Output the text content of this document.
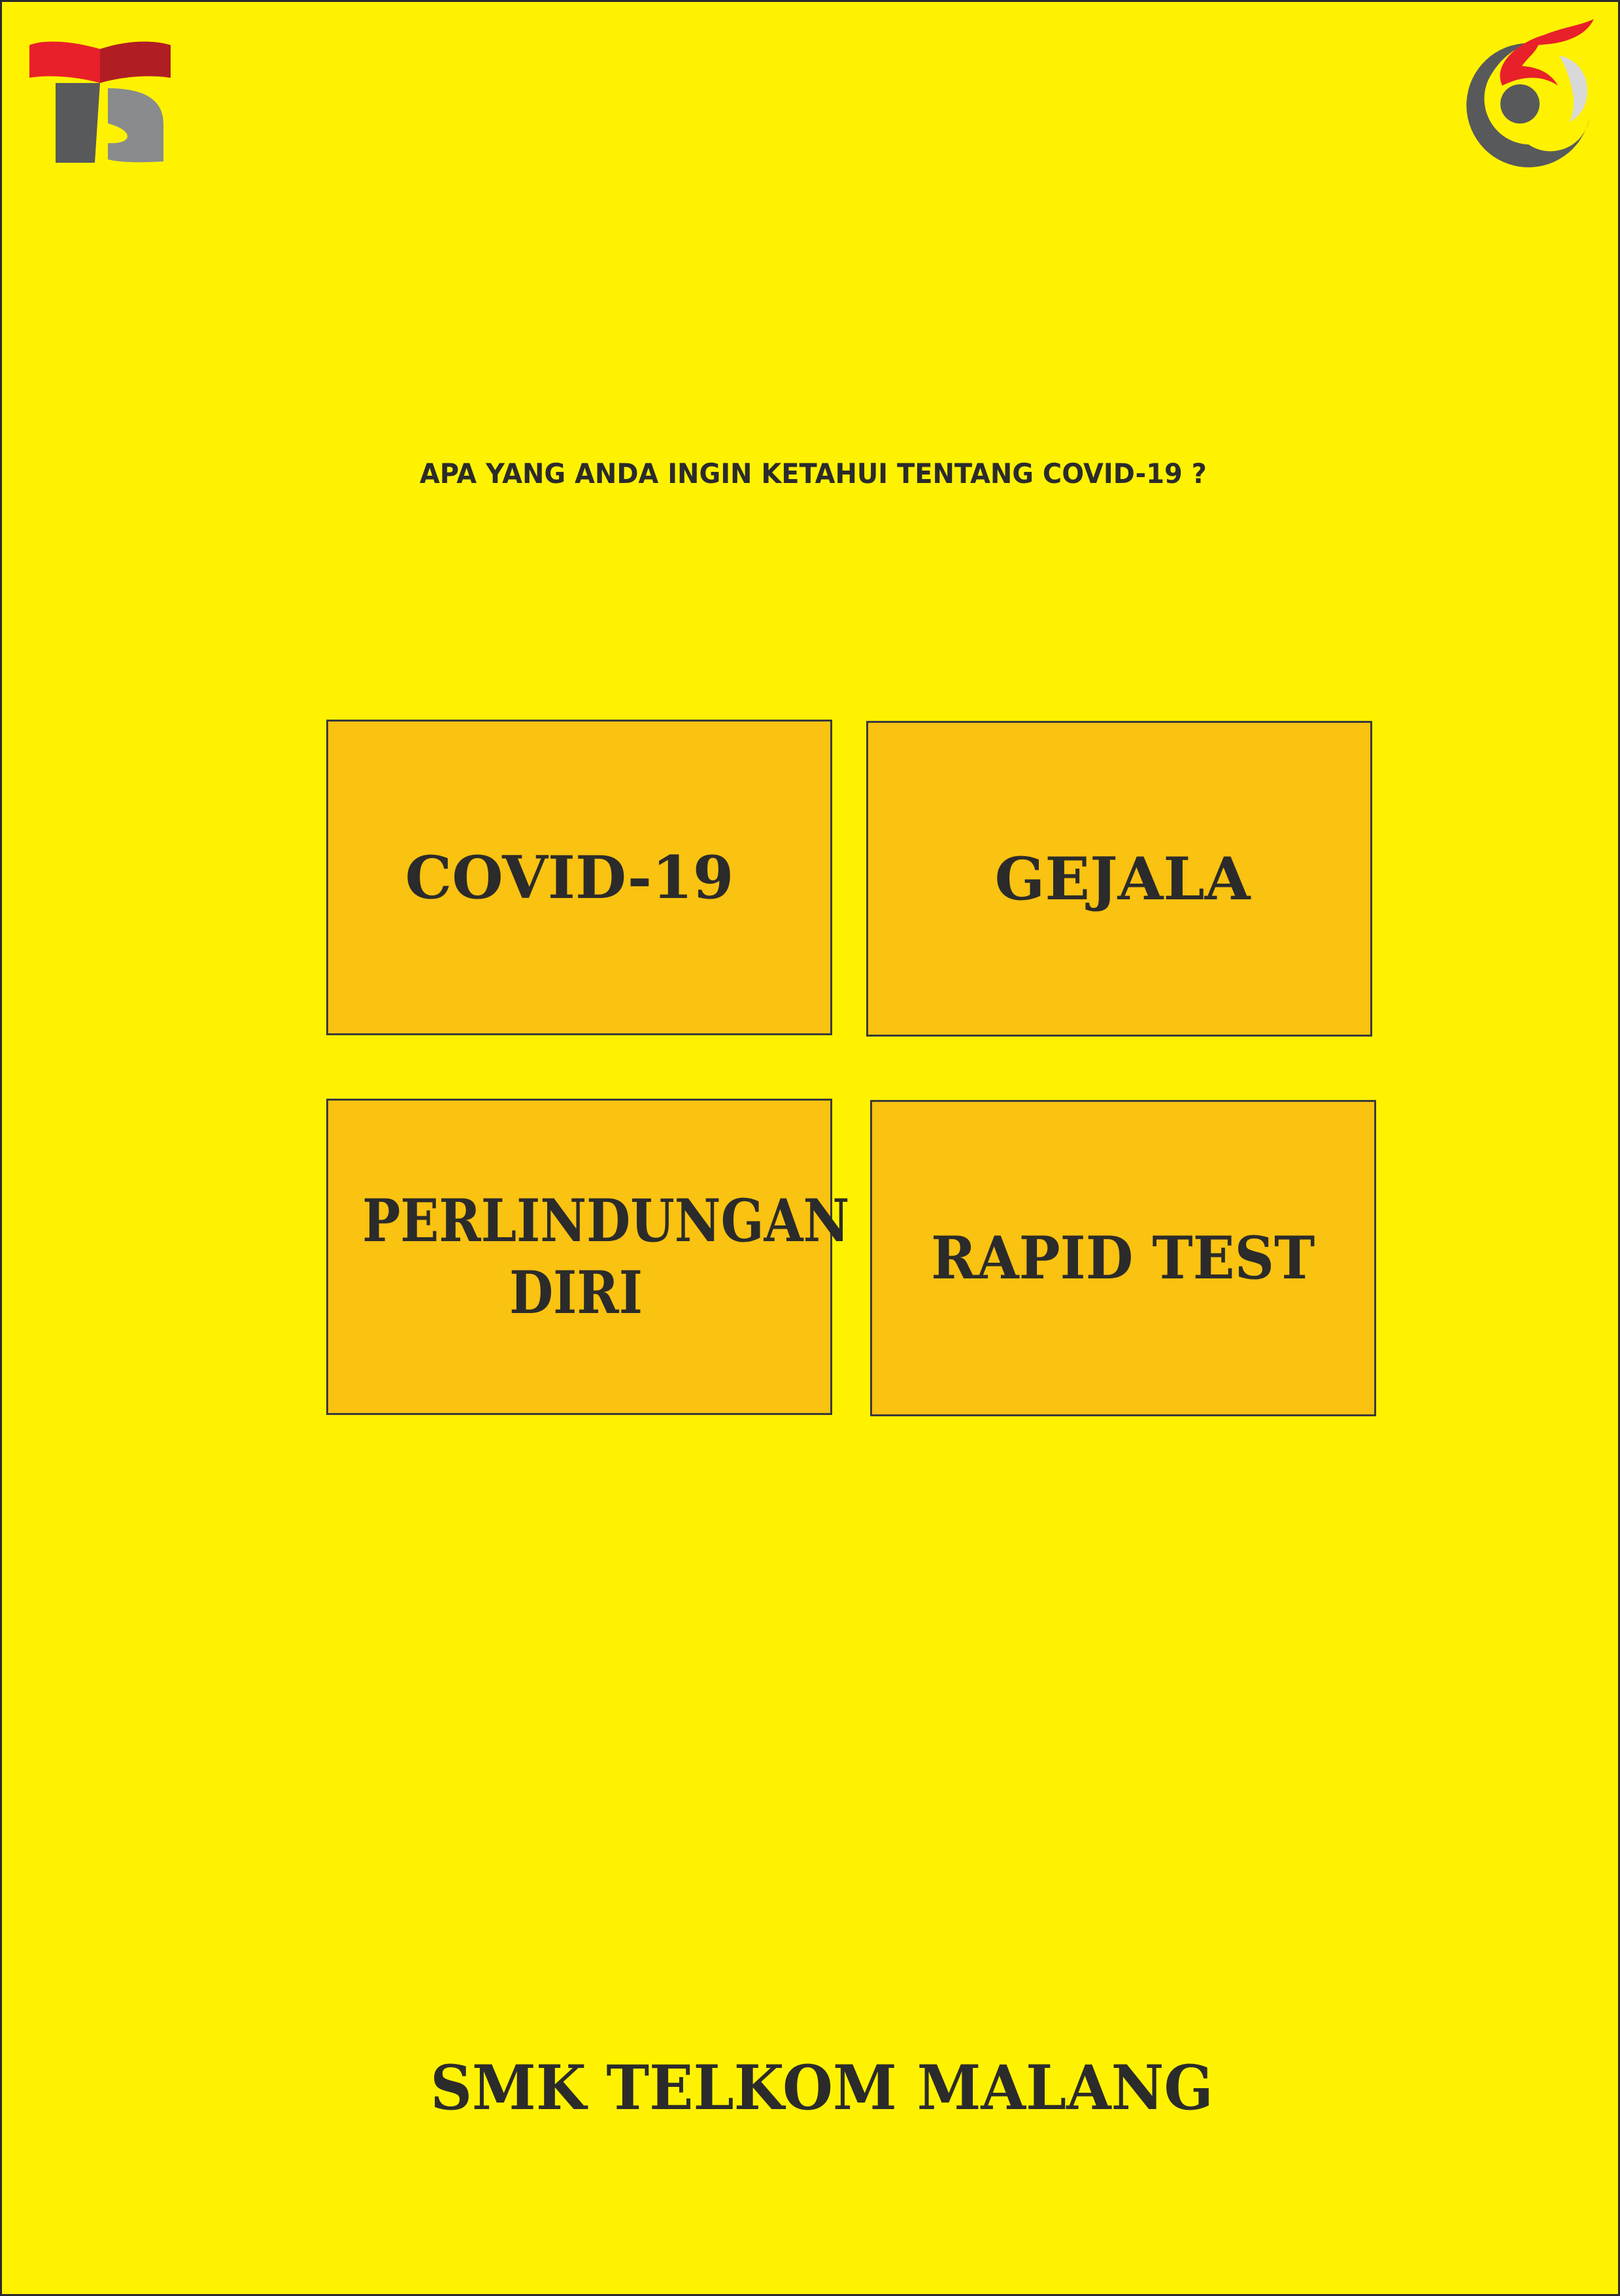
APA YANG ANDA INGIN KETAHUI TENTANG COVID-19 ?
COVID-19	GEJALA
PERLINDUNGAN DIRI	RAPID TEST
SMK TELKOM MALANG
